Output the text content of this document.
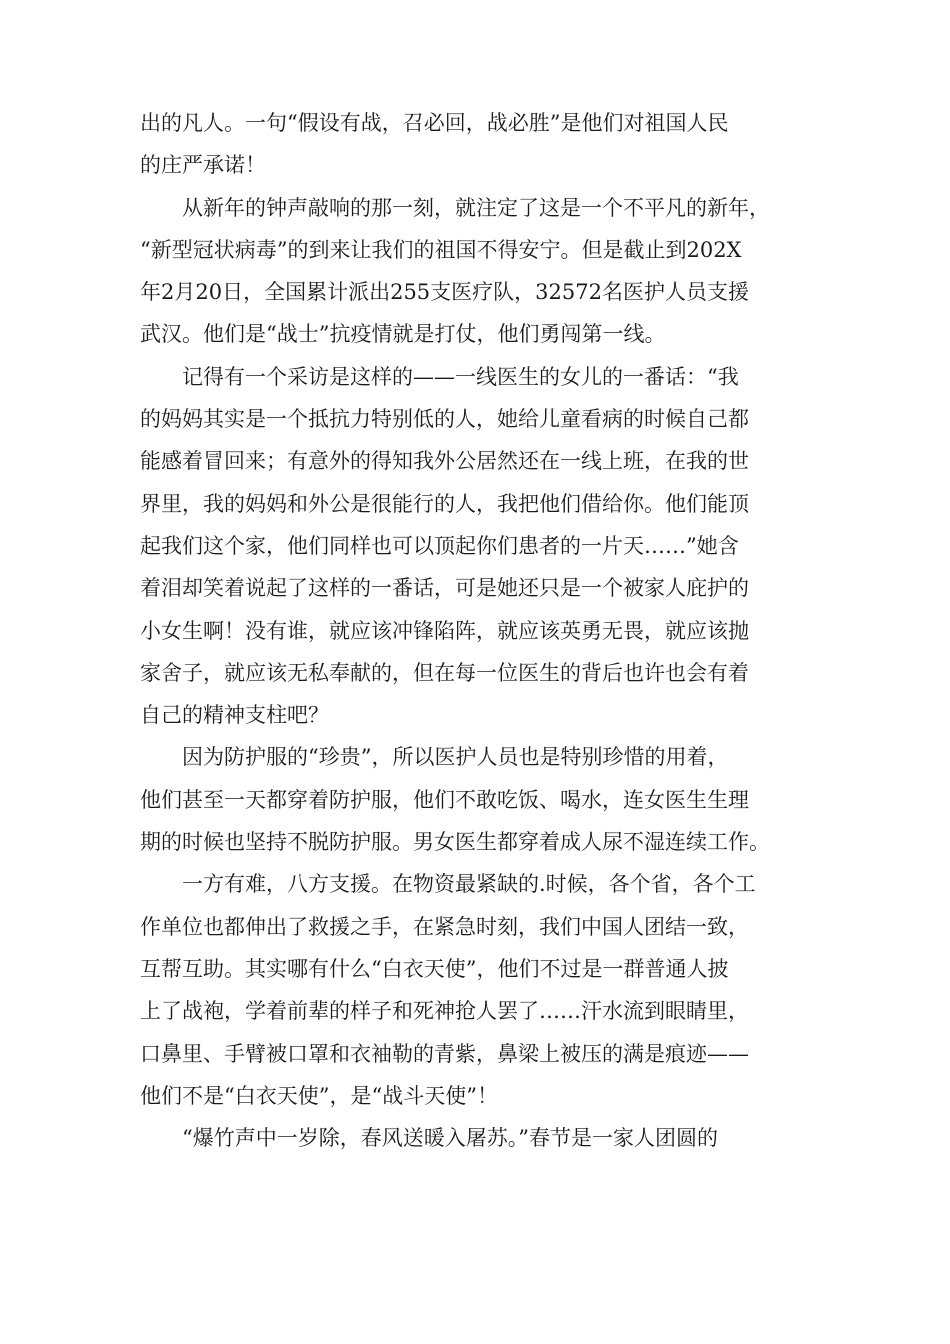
出的凡人。一句“假设有战，召必回，战必胜”是他们对祖国人民
的庄严承诺！
从新年的钟声敲响的那一刻，就注定了这是一个不平凡的新年，
“新型冠状病毒”的到来让我们的祖国不得安宁。但是截止到202X
年2月20日，全国累计派出255支医疗队，32572名医护人员支援
武汉。他们是“战士”抗疫情就是打仗，他们勇闯第一线。
记得有一个采访是这样的——一线医生的女儿的一番话：“我
的妈妈其实是一个抵抗力特别低的人，她给儿童看病的时候自己都
能感着冒回来；有意外的得知我外公居然还在一线上班，在我的世
界里，我的妈妈和外公是很能行的人，我把他们借给你。他们能顶
起我们这个家，他们同样也可以顶起你们患者的一片天……”她含
着泪却笑着说起了这样的一番话，可是她还只是一个被家人庇护的
小女生啊！没有谁，就应该冲锋陷阵，就应该英勇无畏，就应该抛
家舍子，就应该无私奉献的，但在每一位医生的背后也许也会有着
自己的精神支柱吧？
因为防护服的“珍贵”，所以医护人员也是特别珍惜的用着，
他们甚至一天都穿着防护服，他们不敢吃饭、喝水，连女医生生理
期的时候也坚持不脱防护服。男女医生都穿着成人尿不湿连续工作。
一方有难，八方支援。在物资最紧缺的.时候，各个省，各个工
作单位也都伸出了救援之手，在紧急时刻，我们中国人团结一致，
互帮互助。其实哪有什么“白衣天使”，他们不过是一群普通人披
上了战袍，学着前辈的样子和死神抢人罢了……汗水流到眼睛里，
口鼻里、手臂被口罩和衣袖勒的青紫，鼻梁上被压的满是痕迹——
他们不是“白衣天使”，是“战斗天使”！
“爆竹声中一岁除，春风送暖入屠苏。”春节是一家人团圆的
